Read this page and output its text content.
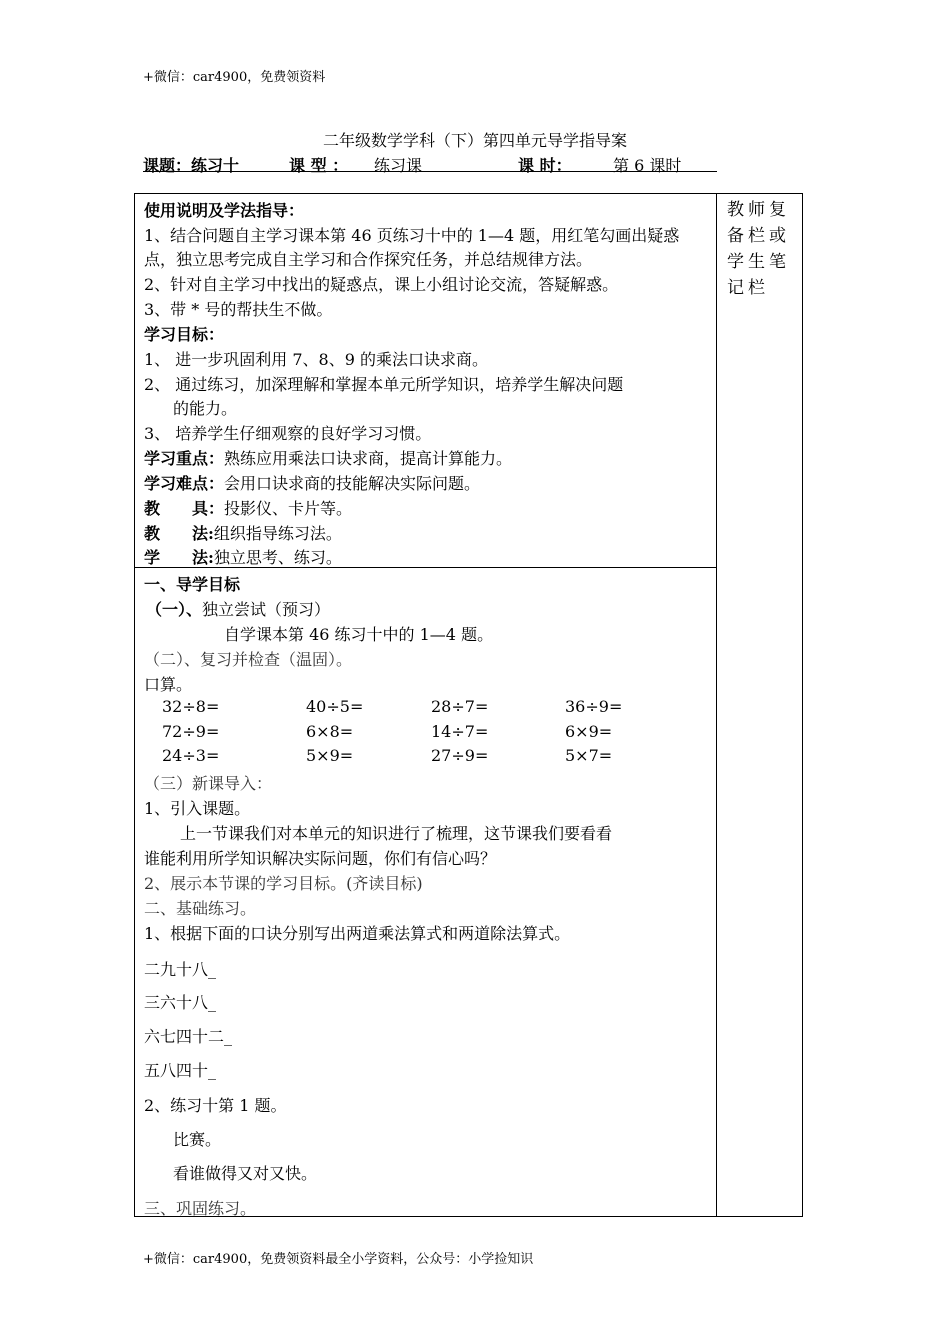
+微信：car4900，免费领资料
二年级数学学科（下）第四单元导学指导案
课题：练习十	课 型 ： 练习课	课 时：	第 6 课时
教师复备栏或学生笔记栏
使用说明及学法指导：
1、结合问题自主学习课本第 46 页练习十中的 1—4 题，用红笔勾画出疑惑
点，独立思考完成自主学习和合作探究任务，并总结规律方法。
2、针对自主学习中找出的疑惑点，课上小组讨论交流，答疑解惑。
3、带 * 号的帮扶生不做。
学习目标：
1、 进一步巩固利用 7、8、9 的乘法口诀求商。
2、 通过练习，加深理解和掌握本单元所学知识，培养学生解决问题
的能力。
3、 培养学生仔细观察的良好学习习惯。
学习重点：熟练应用乘法口诀求商，提高计算能力。
学习难点：会用口诀求商的技能解决实际问题。
教　　具：投影仪、卡片等。
教　　法:组织指导练习法。
学　　法:独立思考、练习。
一、导学目标
（一）、独立尝试（预习）
自学课本第 46 练习十中的 1—4 题。
（二）、复习并检查（温固）。
口算。
32÷8=	40÷5=	28÷7=	36÷9=
72÷9=	6×8=	14÷7=	6×9=
24÷3=	5×9=	27÷9=	5×7=
（三）新课导入：
1、引入课题。
上一节课我们对本单元的知识进行了梳理，这节课我们要看看
谁能利用所学知识解决实际问题，你们有信心吗？
2、展示本节课的学习目标。(齐读目标)
二、基础练习。
1、根据下面的口诀分别写出两道乘法算式和两道除法算式。
二九十八_
三六十八_
六七四十二_
五八四十_
2、练习十第 1 题。
比赛。
看谁做得又对又快。
三、巩固练习。
+微信：car4900，免费领资料最全小学资料，公众号：小学捡知识
